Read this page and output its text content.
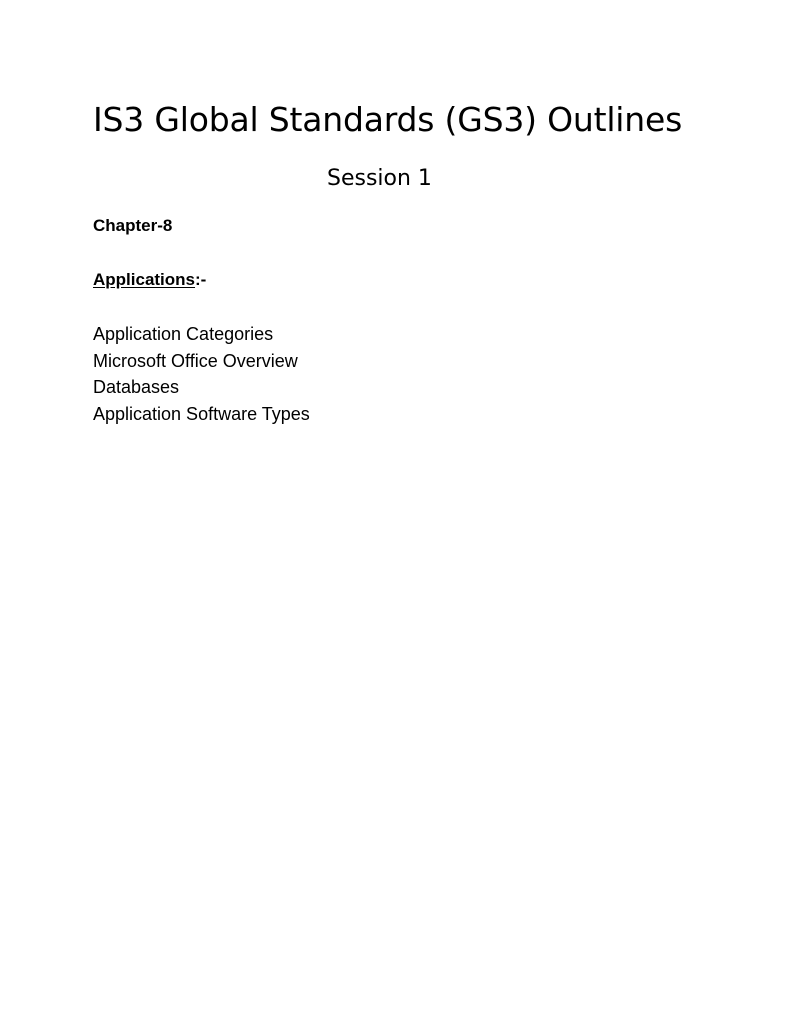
IS3 Global Standards (GS3) Outlines
Session 1
Chapter-8
Applications:-
Application Categories
Microsoft Office Overview
Databases
Application Software Types
